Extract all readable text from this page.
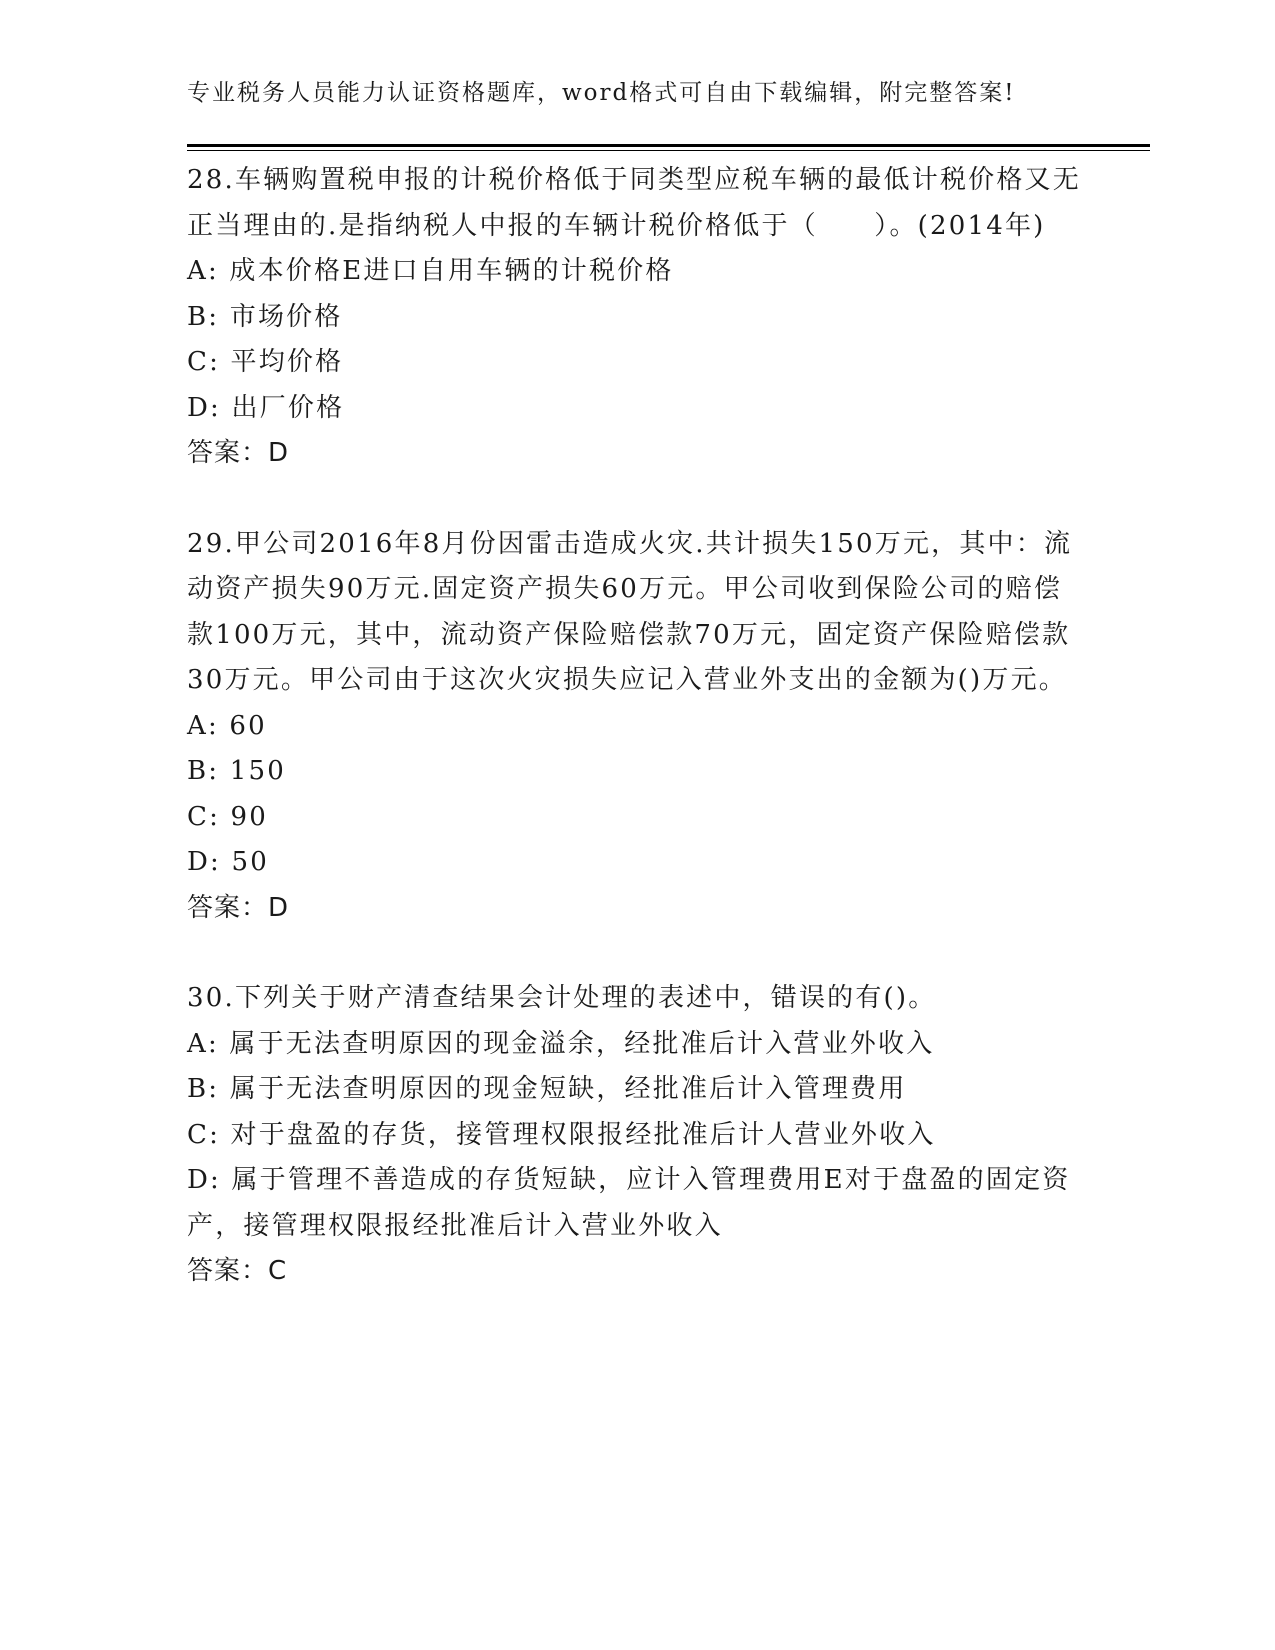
专业税务人员能力认证资格题库，word格式可自由下载编辑，附完整答案!

28.车辆购置税申报的计税价格低于同类型应税车辆的最低计税价格又无正当理由的.是指纳税人中报的车辆计税价格低于（　　）。(2014年)

A: 成本价格E进口自用车辆的计税价格

B: 市场价格

C: 平均价格

D: 出厂价格

答案：D

29.甲公司2016年8月份因雷击造成火灾.共计损失150万元，其中：流动资产损失90万元.固定资产损失60万元。甲公司收到保险公司的赔偿款100万元，其中，流动资产保险赔偿款70万元，固定资产保险赔偿款30万元。甲公司由于这次火灾损失应记入营业外支出的金额为()万元。

A: 60

B: 150

C: 90

D: 50

答案：D

30.下列关于财产清查结果会计处理的表述中，错误的有()。

A: 属于无法查明原因的现金溢余，经批准后计入营业外收入

B: 属于无法查明原因的现金短缺，经批准后计入管理费用

C: 对于盘盈的存货，接管理权限报经批准后计人营业外收入

D: 属于管理不善造成的存货短缺，应计入管理费用E对于盘盈的固定资产，接管理权限报经批准后计入营业外收入

答案：C
